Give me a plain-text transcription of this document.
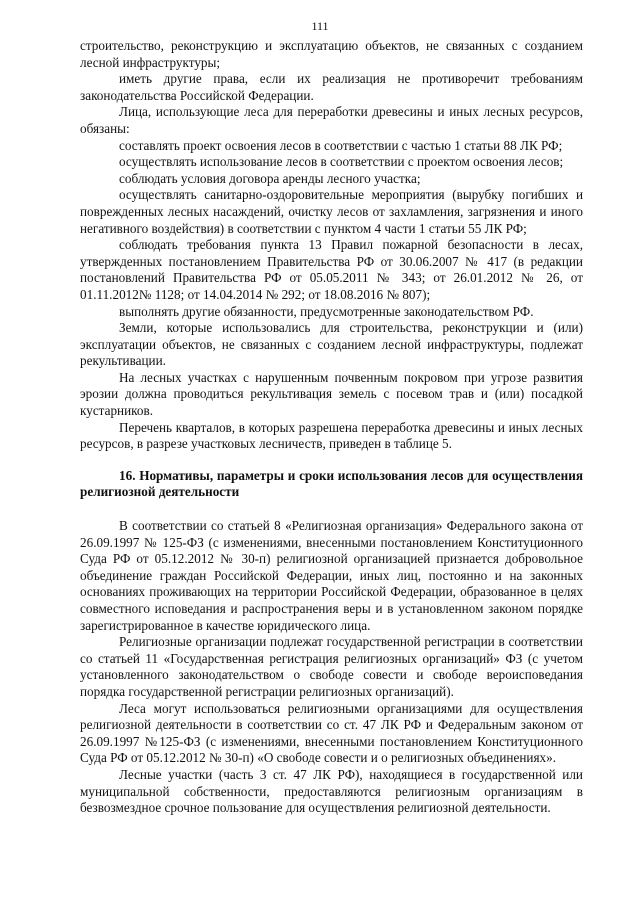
111

строительство, реконструкцию и эксплуатацию объектов, не связанных с созданием лесной инфраструктуры;

иметь другие права, если их реализация не противоречит требованиям законодательства Российской Федерации.

Лица, использующие леса для переработки древесины и иных лесных ресурсов, обязаны:

составлять проект освоения лесов в соответствии с частью 1 статьи 88 ЛК РФ;

осуществлять использование лесов в соответствии с проектом освоения лесов;

соблюдать условия договора аренды лесного участка;

осуществлять санитарно-оздоровительные мероприятия (вырубку погибших и поврежденных лесных насаждений, очистку лесов от захламления, загрязнения и иного негативного воздействия) в соответствии с пунктом 4 части 1 статьи 55 ЛК РФ;

соблюдать требования пункта 13 Правил пожарной безопасности в лесах, утвержденных постановлением Правительства РФ от 30.06.2007 № 417 (в редакции постановлений Правительства РФ от 05.05.2011 № 343; от 26.01.2012 № 26, от 01.11.2012№ 1128; от 14.04.2014 № 292; от 18.08.2016 № 807);

выполнять другие обязанности, предусмотренные законодательством РФ.

Земли, которые использовались для строительства, реконструкции и (или) эксплуатации объектов, не связанных с созданием лесной инфраструктуры, подлежат рекультивации.

На лесных участках с нарушенным почвенным покровом при угрозе развития эрозии должна проводиться рекультивация земель с посевом трав и (или) посадкой кустарников.

Перечень кварталов, в которых разрешена переработка древесины и иных лесных ресурсов, в разрезе участковых лесничеств, приведен в таблице 5.

16. Нормативы, параметры и сроки использования лесов для осуществления религиозной деятельности

В соответствии со статьей 8 «Религиозная организация» Федерального закона от 26.09.1997 № 125-ФЗ (с изменениями, внесенными постановлением Конституционного Суда РФ от 05.12.2012 № 30-п) религиозной организацией признается добровольное объединение граждан Российской Федерации, иных лиц, постоянно и на законных основаниях проживающих на территории Российской Федерации, образованное в целях совместного исповедания и распространения веры и в установленном законом порядке зарегистрированное в качестве юридического лица.

Религиозные организации подлежат государственной регистрации в соответствии со статьей 11 «Государственная регистрация религиозных организаций» ФЗ (с учетом установленного законодательством о свободе совести и свободе вероисповедания порядка государственной регистрации религиозных организаций).

Леса могут использоваться религиозными организациями для осуществления религиозной деятельности в соответствии со ст. 47 ЛК РФ и Федеральным законом от 26.09.1997 №125-ФЗ (с изменениями, внесенными постановлением Конституционного Суда РФ от 05.12.2012 № 30-п) «О свободе совести и о религиозных объединениях».

Лесные участки (часть 3 ст. 47 ЛК РФ), находящиеся в государственной или муниципальной собственности, предоставляются религиозным организациям в безвозмездное срочное пользование для осуществления религиозной деятельности.
